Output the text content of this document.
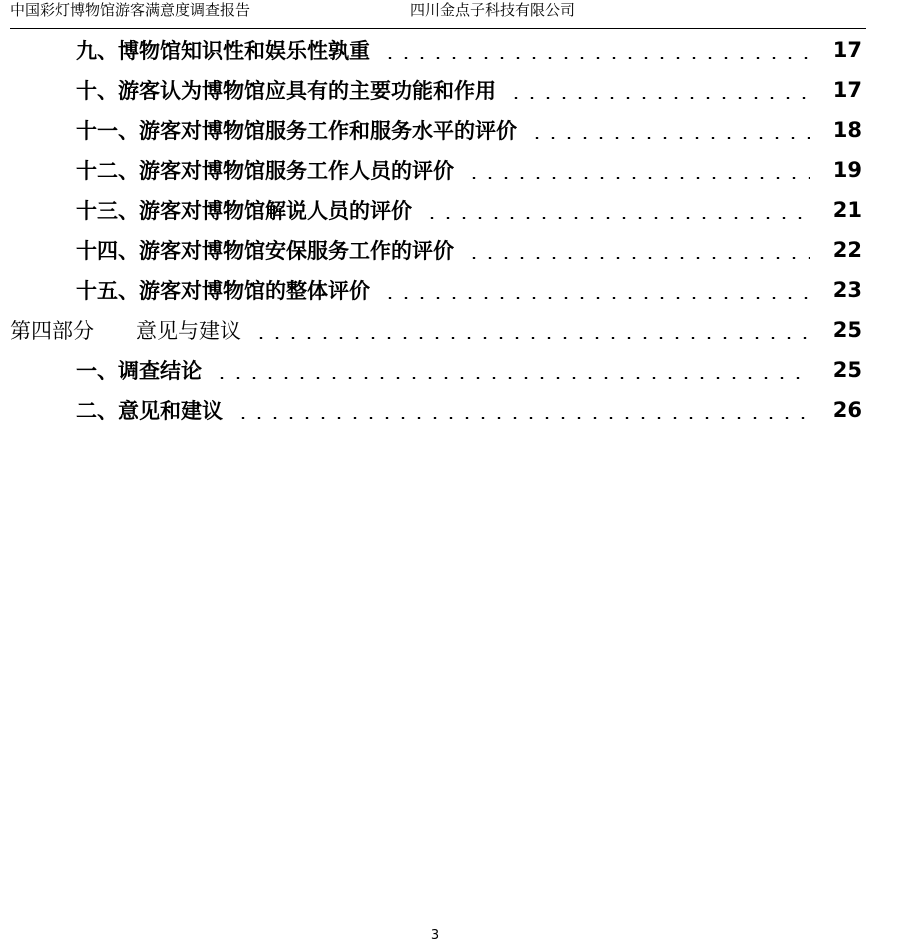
中国彩灯博物馆游客满意度调查报告	四川金点子科技有限公司
九、博物馆知识性和娱乐性孰重	17
十、游客认为博物馆应具有的主要功能和作用	17
十一、游客对博物馆服务工作和服务水平的评价	18
十二、游客对博物馆服务工作人员的评价	19
十三、游客对博物馆解说人员的评价	21
十四、游客对博物馆安保服务工作的评价	22
十五、游客对博物馆的整体评价	23
第四部分　　意见与建议	25
一、调查结论	25
二、意见和建议	26
3
